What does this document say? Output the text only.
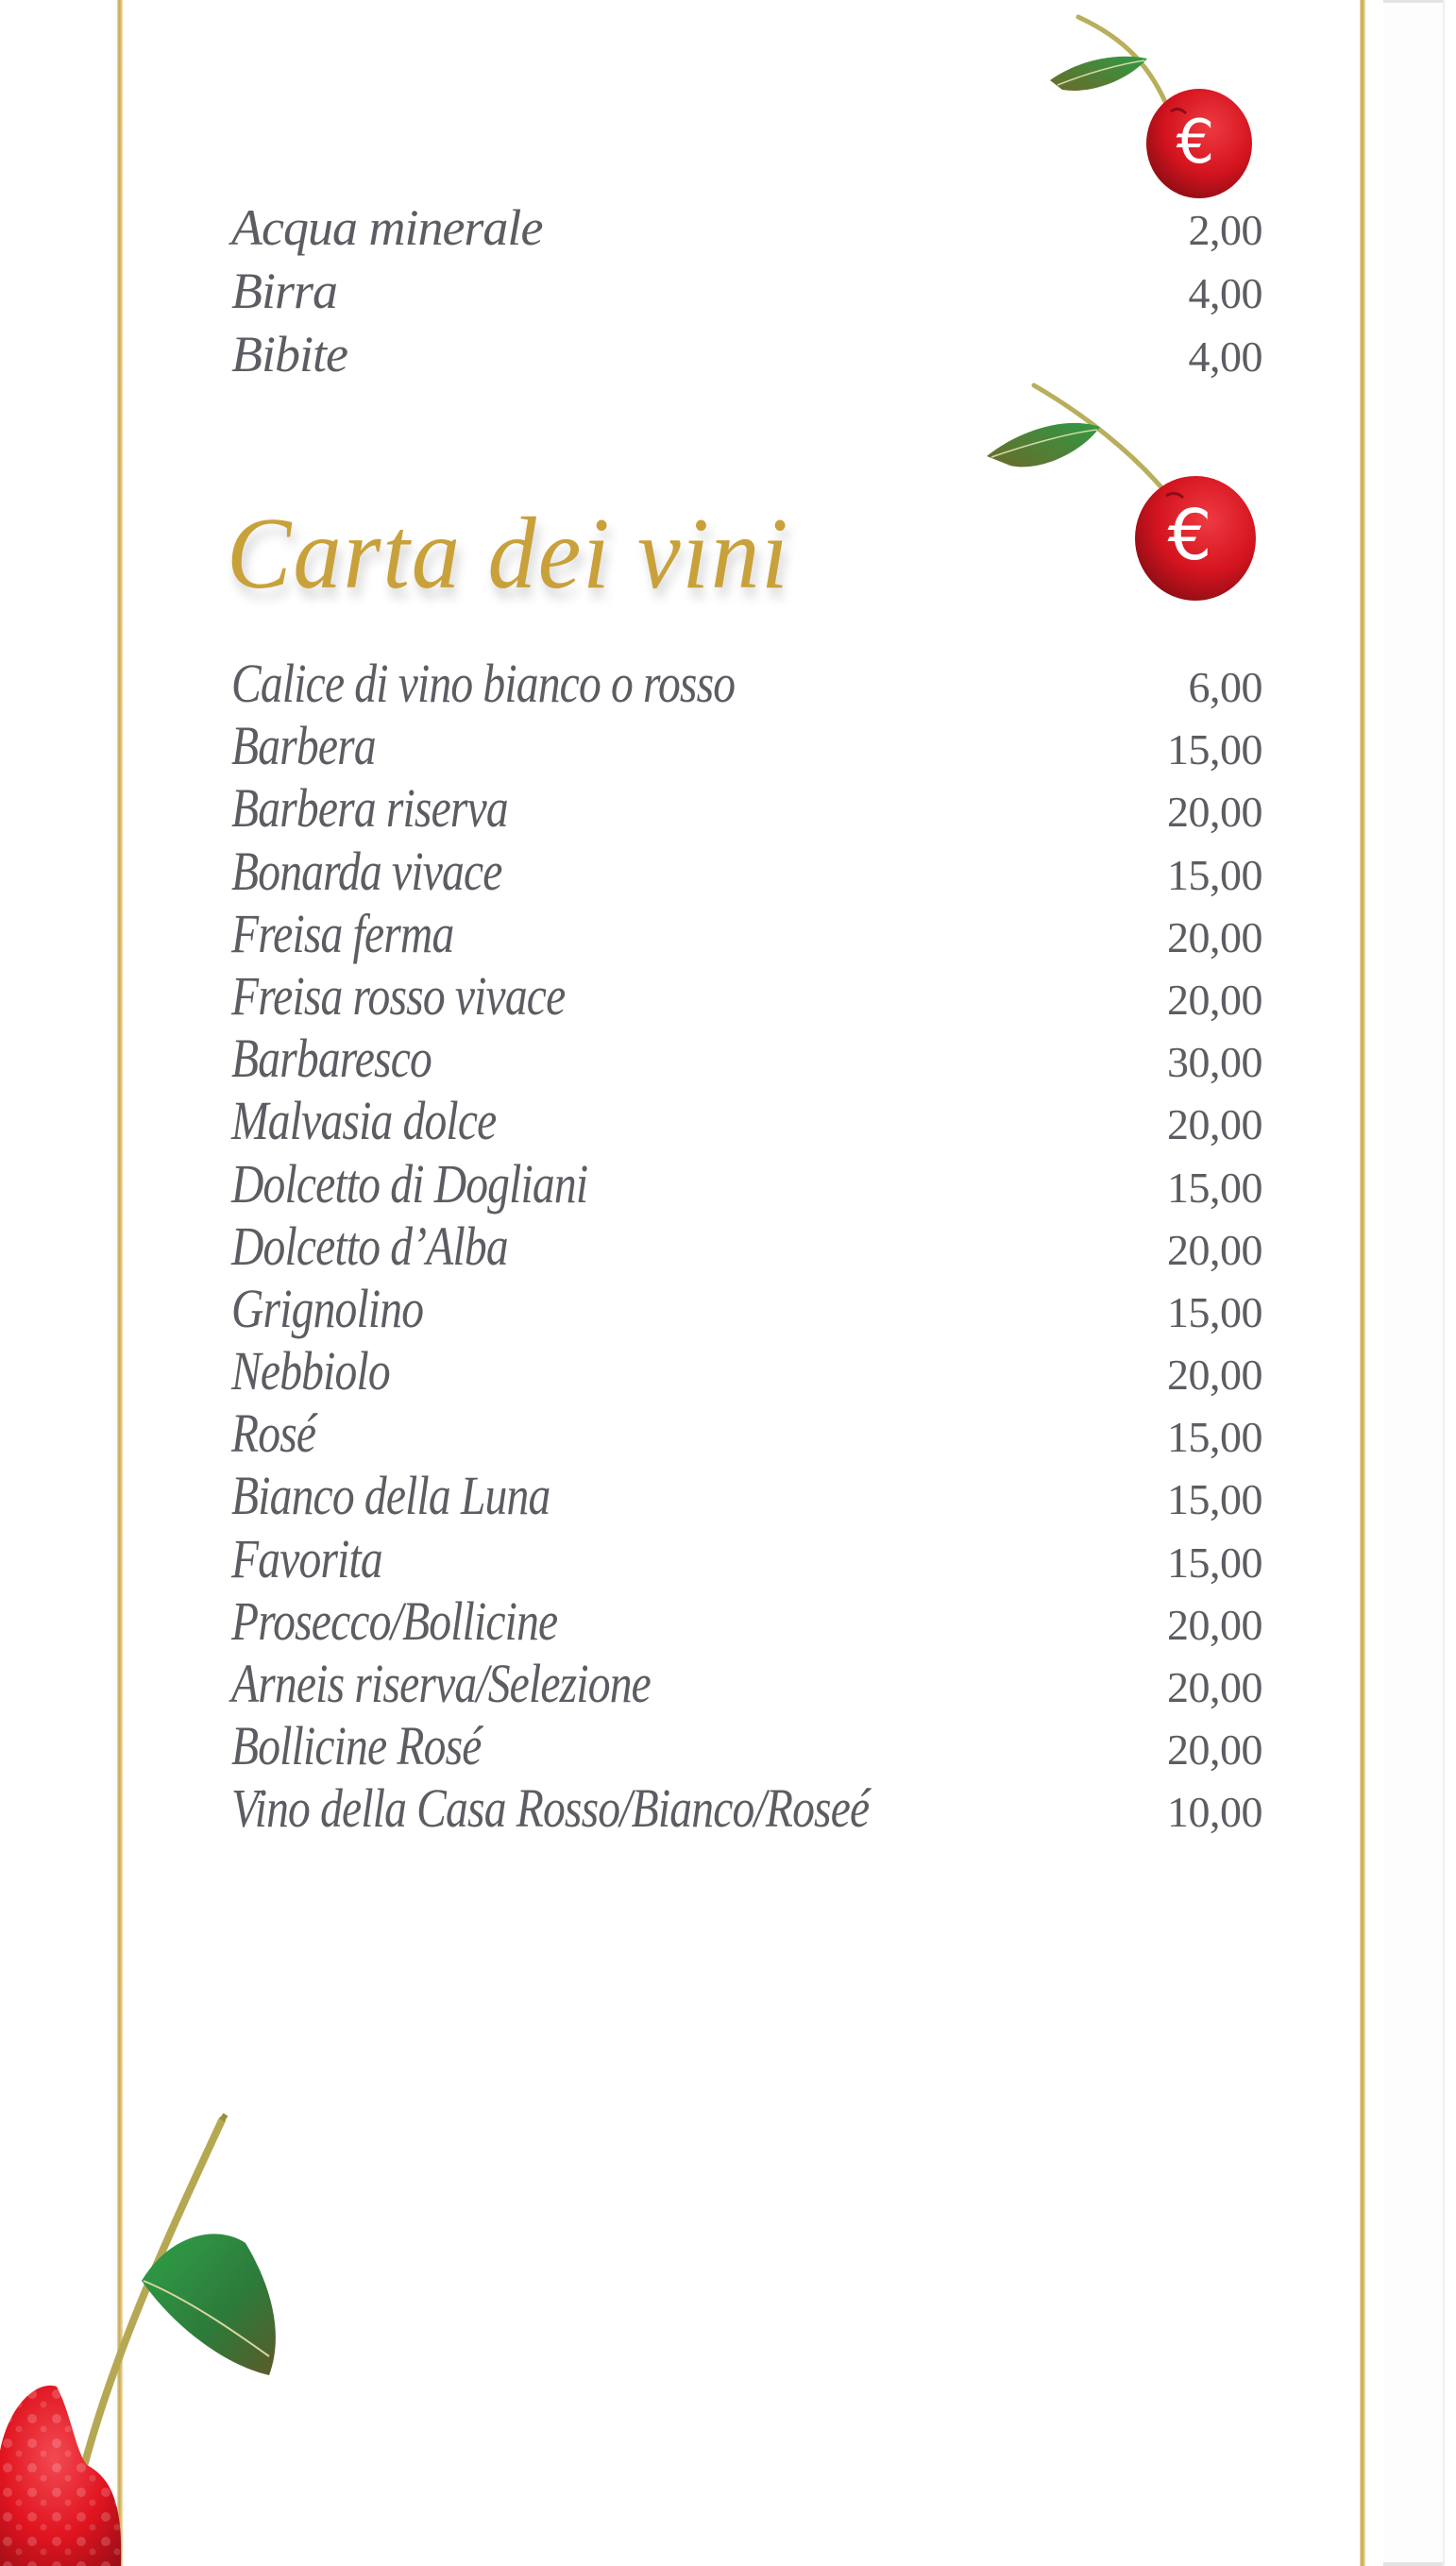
€
€
Acqua minerale	2,00
Birra	4,00
Bibite	4,00
Carta dei vini
Calice di vino bianco o rosso	6,00
Barbera	15,00
Barbera riserva	20,00
Bonarda vivace	15,00
Freisa ferma	20,00
Freisa rosso vivace	20,00
Barbaresco	30,00
Malvasia dolce	20,00
Dolcetto di Dogliani	15,00
Dolcetto d’Alba	20,00
Grignolino	15,00
Nebbiolo	20,00
Rosé	15,00
Bianco della Luna	15,00
Favorita	15,00
Prosecco/Bollicine	20,00
Arneis riserva/Selezione	20,00
Bollicine Rosé	20,00
Vino della Casa Rosso/Bianco/Roseé	10,00
